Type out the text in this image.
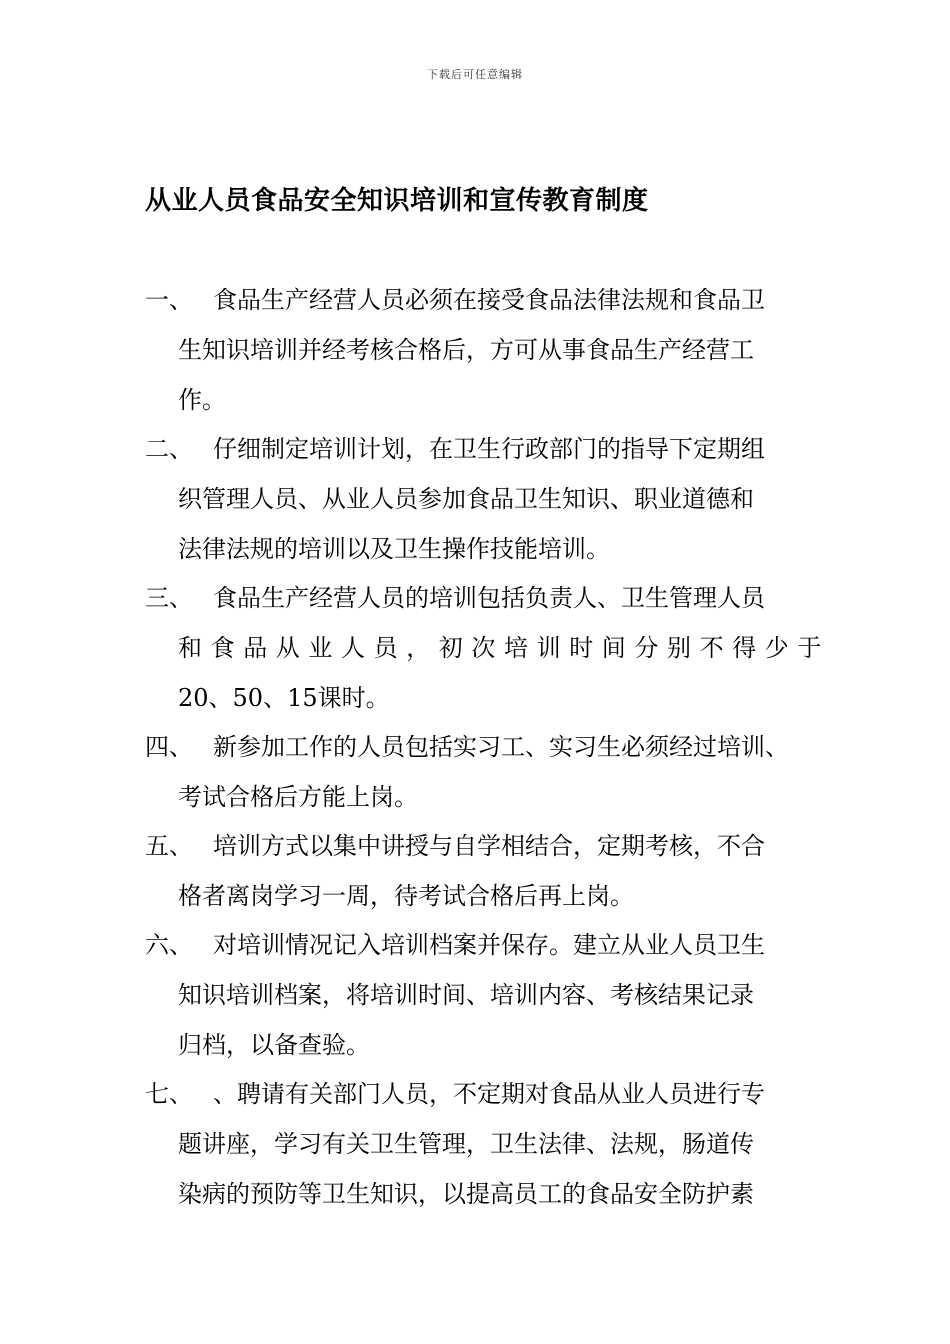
下载后可任意编辑
从业人员食品安全知识培训和宣传教育制度
一、 食品生产经营人员必须在接受食品法律法规和食品卫
生知识培训并经考核合格后，方可从事食品生产经营工
作。
二、 仔细制定培训计划，在卫生行政部门的指导下定期组
织管理人员、从业人员参加食品卫生知识、职业道德和
法律法规的培训以及卫生操作技能培训。
三、 食品生产经营人员的培训包括负责人、卫生管理人员
和食品从业人员，初次培训时间分别不得少于
20、50、15课时。
四、 新参加工作的人员包括实习工、实习生必须经过培训、
考试合格后方能上岗。
五、 培训方式以集中讲授与自学相结合，定期考核，不合
格者离岗学习一周，待考试合格后再上岗。
六、 对培训情况记入培训档案并保存。建立从业人员卫生
知识培训档案，将培训时间、培训内容、考核结果记录
归档，以备查验。
七、 、聘请有关部门人员，不定期对食品从业人员进行专
题讲座，学习有关卫生管理，卫生法律、法规，肠道传
染病的预防等卫生知识，以提高员工的食品安全防护素
